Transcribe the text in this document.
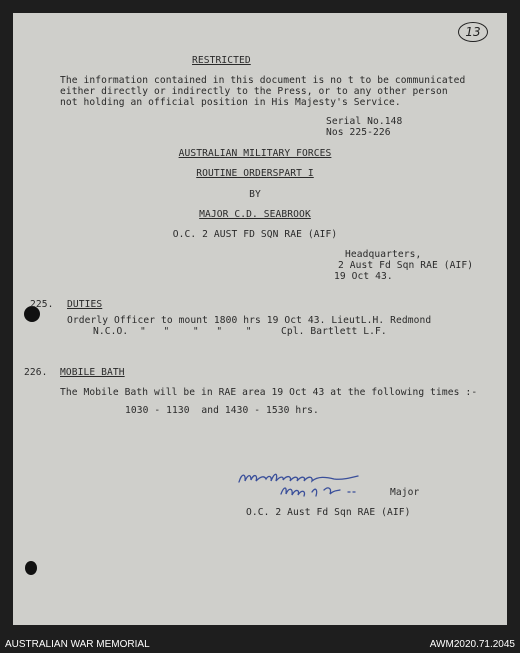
13
RESTRICTED
The information contained in this document is no t to be communicated
either directly or indirectly to the Press, or to any other person
not holding an official position in His Majesty's Service.
Serial No.148
Nos 225-226
AUSTRALIAN MILITARY FORCES
ROUTINE ORDERSPART I
BY
MAJOR C.D. SEABROOK
O.C. 2 AUST FD SQN RAE (AIF)
Headquarters,
2 Aust Fd Sqn RAE (AIF)
19 Oct 43.
225. DUTIES
Orderly Officer to mount 1800 hrs 19 Oct 43. LieutL.H. Redmond
N.C.O.  "   "    "   "    "     Cpl. Bartlett L.F.
226. MOBILE BATH
The Mobile Bath will be in RAE area 19 Oct 43 at the following times :-
1030 - 1130  and 1430 - 1530 hrs.
Major
O.C. 2 Aust Fd Sqn RAE (AIF)
AUSTRALIAN WAR MEMORIAL	AWM2020.71.2045
